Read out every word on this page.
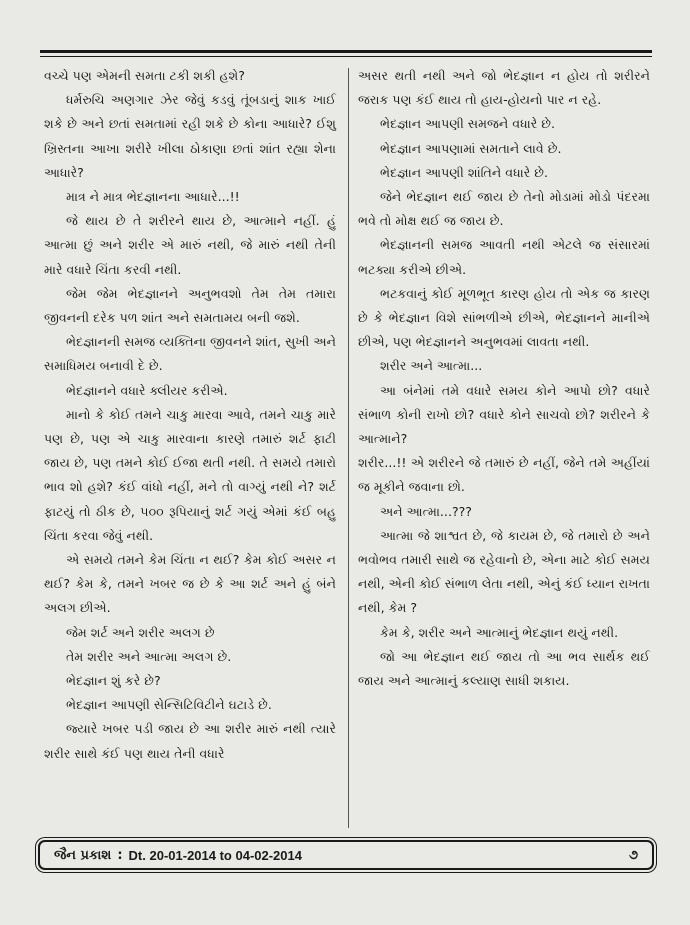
વચ્ચે પણ એમની સમતા ટકી શકી હશે?

ધર્મરુચિ અણગાર ઝેર જેવું કડવું તૂંબડાનું શાક ખાઈ શકે છે અને છતાં સમતામાં રહી શકે છે કોના આધારે? ઈશુ ખ્રિસ્તના આખા શરીરે ખીલા ઠોકાણા છતાં શાંત રહ્યા શેના આધારે?

માત્ર ને માત્ર ભેદજ્ઞાનના આધારે...!!

જે થાય છે તે શરીરને થાય છે, આત્માને નહીં. હું આત્મા છું અને શરીર એ મારું નથી, જે મારું નથી તેની મારે વધારે ચિંતા કરવી નથી.

જેમ જેમ ભેદજ્ઞાનને અનુભવશો તેમ તેમ તમારા જીવનની દરેક પળ શાંત અને સમતામય બની જશે.

ભેદજ્ઞાનની સમજ વ્યક્તિના જીવનને શાંત, સુખી અને સમાધિમય બનાવી દે છે.

ભેદજ્ઞાનને વધારે ક્લીયર કરીએ.

માનો કે કોઈ તમને ચાકુ મારવા આવે, તમને ચાકુ મારે પણ છે, પણ એ ચાકુ મારવાના કારણે તમારું શર્ટ ફાટી જાય છે, પણ તમને કોઈ ઈજા થતી નથી. તે સમયે તમારો ભાવ શો હશે? કંઈ વાંધો નહીં, મને તો વાગ્યું નથી ને? શર્ટ ફાટયું તો ઠીક છે, ૫૦૦ રૂપિયાનું શર્ટ ગયું એમાં કંઈ બહુ ચિંતા કરવા જેવું નથી.

એ સમયે તમને કેમ ચિંતા ન થઈ? કેમ કોઈ અસર ન થઈ? કેમ કે, તમને ખબર જ છે કે આ શર્ટ અને હું બંને અલગ છીએ.

જેમ શર્ટ અને શરીર અલગ છે

તેમ શરીર અને આત્મા અલગ છે.

ભેદજ્ઞાન શું કરે છે?

ભેદજ્ઞાન આપણી સેન્સિટિવિટીને ઘટાડે છે.

જ્યારે ખબર પડી જાય છે આ શરીર મારું નથી ત્યારે શરીર સાથે કંઈ પણ થાય તેની વધારે

અસર થતી નથી અને જો ભેદજ્ઞાન ન હોય તો શરીરને જરાક પણ કંઈ થાય તો હાય-હોયનો પાર ન રહે.

ભેદજ્ઞાન આપણી સમજને વધારે છે.

ભેદજ્ઞાન આપણામાં સમતાને લાવે છે.

ભેદજ્ઞાન આપણી શાંતિને વધારે છે.

જેને ભેદજ્ઞાન થઈ જાય છે તેનો મોડામાં મોડો પંદરમા ભવે તો મોક્ષ થઈ જ જાય છે.

ભેદજ્ઞાનની સમજ આવતી નથી એટલે જ સંસારમાં ભટક્યા કરીએ છીએ.

ભટકવાનું કોઈ મૂળભૂત કારણ હોય તો એક જ કારણ છે કે ભેદજ્ઞાન વિશે સાંભળીએ છીએ, ભેદજ્ઞાનને માનીએ છીએ, પણ ભેદજ્ઞાનને અનુભવમાં લાવતા નથી.

શરીર અને આત્મા...

આ બંનેમાં તમે વધારે સમય કોને આપો છો? વધારે સંભાળ કોની રાખો છો? વધારે કોને સાચવો છો? શરીરને કે આત્માને?

શરીર...!! એ શરીરને જે તમારું છે નહીં, જેને તમે અહીંયાં જ મૂકીને જવાના છો.

અને આત્મા...???

આત્મા જે શાશ્વત છે, જે કાયમ છે, જે તમારો છે અને ભવોભવ તમારી સાથે જ રહેવાનો છે, એના માટે કોઈ સમય નથી, એની કોઈ સંભાળ લેતા નથી, એનું કંઈ ધ્યાન રાખતા નથી, કેમ ?

કેમ કે, શરીર અને આત્માનું ભેદજ્ઞાન થયું નથી.

જો આ ભેદજ્ઞાન થઈ જાય તો આ ભવ સાર્થક થઈ જાય અને આત્માનું કલ્યાણ સાધી શકાય.

જૈન પ્રકાશ : Dt. 20-01-2014 to 04-02-2014	૭
